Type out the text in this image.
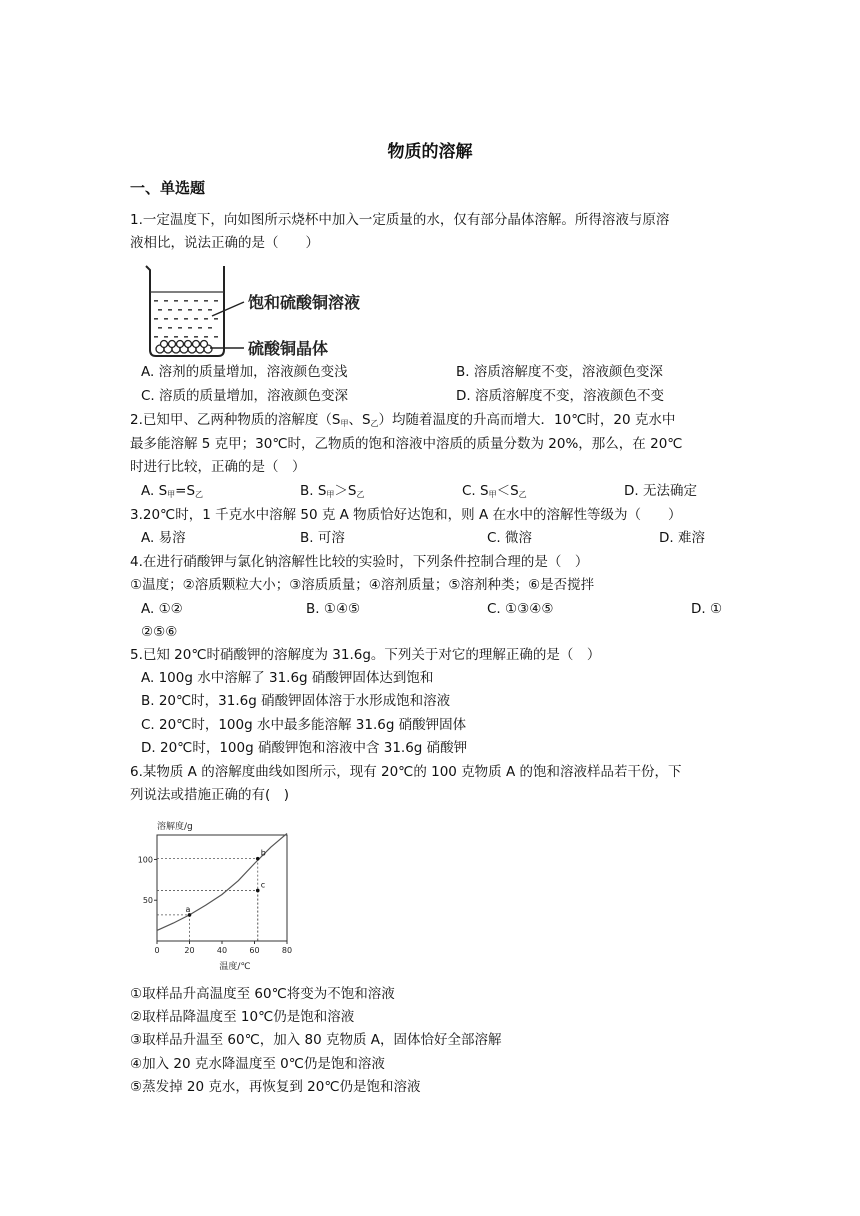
物质的溶解
一、单选题
1.一定温度下，向如图所示烧杯中加入一定质量的水，仅有部分晶体溶解。所得溶液与原溶
液相比，说法正确的是（　　）
饱和硫酸铜溶液
硫酸铜晶体
A. 溶剂的质量增加，溶液颜色变浅	B. 溶质溶解度不变，溶液颜色变深
C. 溶质的质量增加，溶液颜色变深	D. 溶质溶解度不变，溶液颜色不变
2.已知甲、乙两种物质的溶解度（$S_甲$、$S_乙$）均随着温度的升高而增大．10℃时，20 克水中
最多能溶解 5 克甲；30℃时，乙物质的饱和溶液中溶质的质量分数为 20%，那么，在 20℃
时进行比较，正确的是（　）
A. $S_甲=S_乙$	B. $S_甲>S_乙$	C. $S_甲<S_乙$	D. 无法确定
3.20℃时，1 千克水中溶解 50 克 A 物质恰好达饱和，则 A 在水中的溶解性等级为（　　）
A. 易溶	B. 可溶	C. 微溶	D. 难溶
4.在进行硝酸钾与氯化钠溶解性比较的实验时，下列条件控制合理的是（　）
①温度；②溶质颗粒大小；③溶质质量；④溶剂质量；⑤溶剂种类；⑥是否搅拌
A. ①②	B. ①④⑤	C. ①③④⑤	D. ①
②⑤⑥
5.已知 20℃时硝酸钾的溶解度为 31.6g。下列关于对它的理解正确的是（　）
A. 100g 水中溶解了 31.6g 硝酸钾固体达到饱和
B. 20℃时，31.6g 硝酸钾固体溶于水形成饱和溶液
C. 20℃时，100g 水中最多能溶解 31.6g 硝酸钾固体
D. 20℃时，100g 硝酸钾饱和溶液中含 31.6g 硝酸钾
6.某物质 A 的溶解度曲线如图所示，现有 20℃的 100 克物质 A 的饱和溶液样品若干份，下
列说法或措施正确的有(　)
溶解度/g
温度/℃
0	20	40	60	80
50
100
a
b
c
①取样品升高温度至 60℃将变为不饱和溶液
②取样品降温度至 10℃仍是饱和溶液
③取样品升温至 60℃，加入 80 克物质 A，固体恰好全部溶解
④加入 20 克水降温度至 0℃仍是饱和溶液
⑤蒸发掉 20 克水，再恢复到 20℃仍是饱和溶液
